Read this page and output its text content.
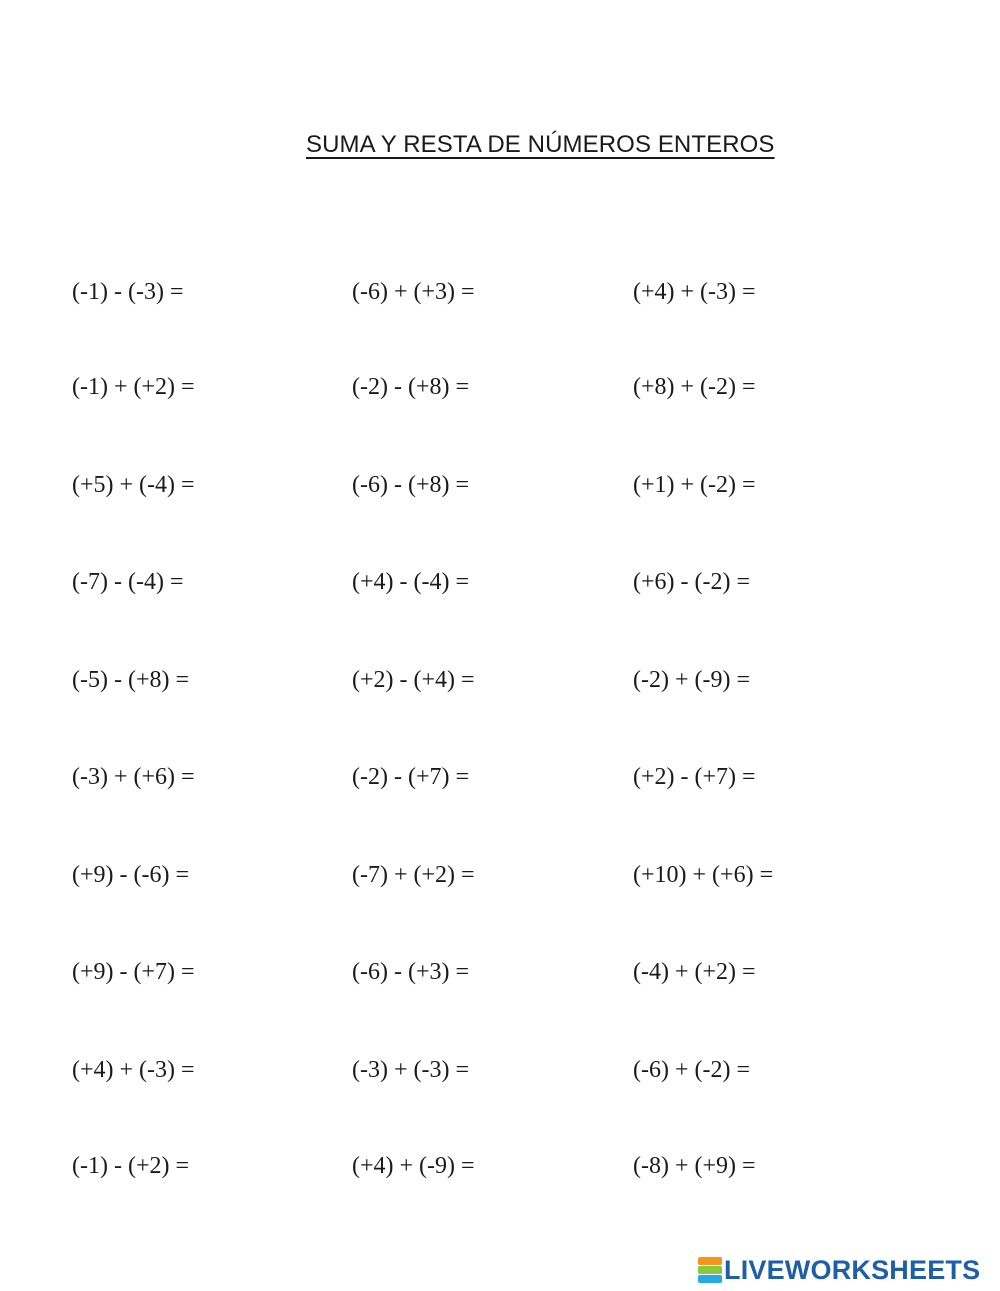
SUMA Y RESTA DE NÚMEROS ENTEROS
(-1) - (-3) =
(-1) + (+2) =
(+5) + (-4) =
(-7) - (-4) =
(-5) - (+8) =
(-3) + (+6) =
(+9) - (-6) =
(+9) - (+7) =
(+4) + (-3) =
(-1) - (+2) =
(-6) + (+3) =
(-2) - (+8) =
(-6) - (+8) =
(+4) - (-4) =
(+2) - (+4) =
(-2) - (+7) =
(-7) + (+2) =
(-6) - (+3) =
(-3) + (-3) =
(+4) + (-9) =
(+4) + (-3) =
(+8) + (-2) =
(+1) + (-2) =
(+6) - (-2) =
(-2) + (-9) =
(+2) - (+7) =
(+10) + (+6) =
(-4) + (+2) =
(-6) + (-2) =
(-8) + (+9) =
LIVEWORKSHEETS
